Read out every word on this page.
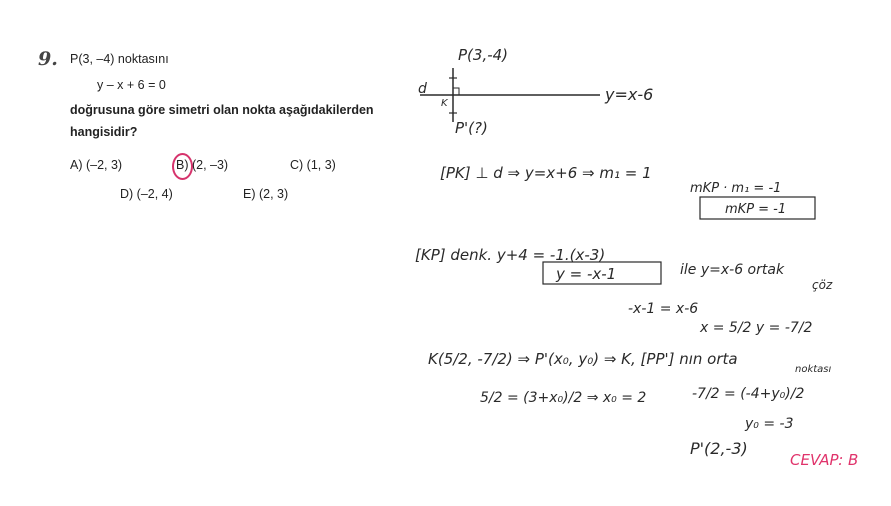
9. P(3, –4) noktasını
y – x + 6 = 0
doğrusuna göre simetri olan nokta aşağıdakilerden
hangisidir?
A) (–2, 3)	B) (2, –3)	C) (1, 3)
D) (–2, 4)	E) (2, 3)
P(3,-4)
d
K	y=x-6
P'(?)
[PK] ⊥ d ⇒ y=x+6 ⇒ m₁ = 1
mKP · m₁ = -1
mKP = -1
[KP] denk. y+4 = -1.(x-3)
y = -x-1	ile y=x-6 ortak
çöz
-x-1 = x-6
x = 5/2 y = -7/2
K(5/2, -7/2) ⇒ P'(x₀, y₀) ⇒ K, [PP'] nın orta
noktası
5/2 = (3+x₀)/2 ⇒ x₀ = 2	-7/2 = (-4+y₀)/2
y₀ = -3
P'(2,-3)
CEVAP: B
